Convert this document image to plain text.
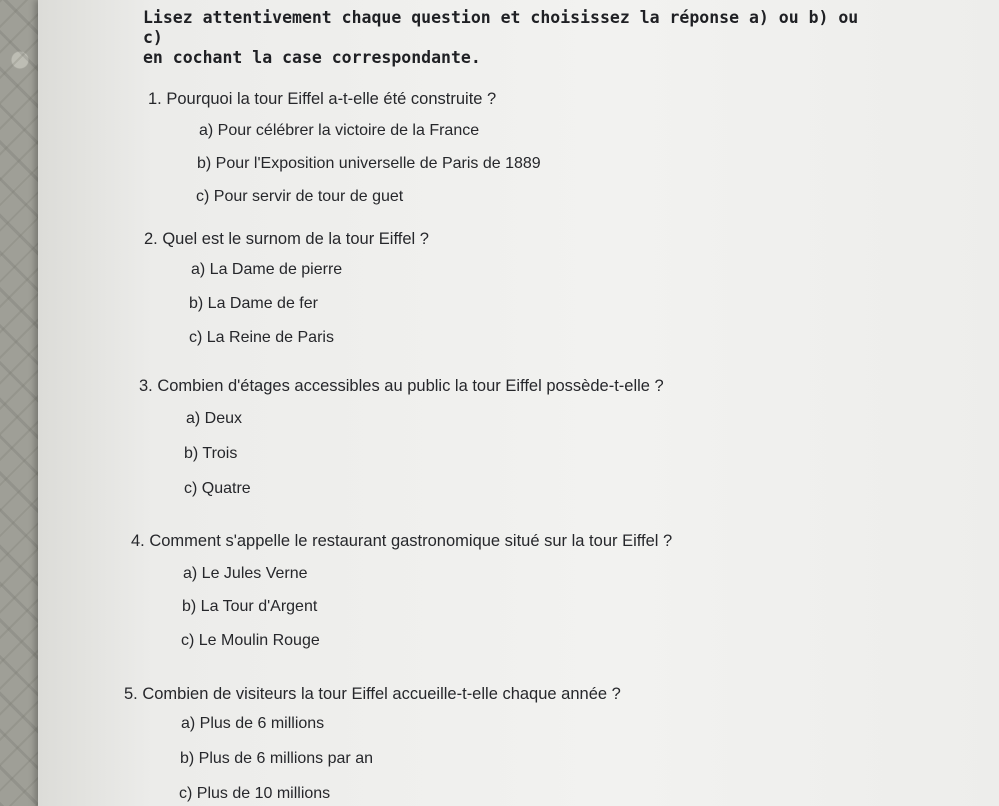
Lisez attentivement chaque question et choisissez la réponse a) ou b) ou c)
en cochant la case correspondante.
1. Pourquoi la tour Eiffel a-t-elle été construite ?
a) Pour célébrer la victoire de la France
b) Pour l'Exposition universelle de Paris de 1889
c) Pour servir de tour de guet
2. Quel est le surnom de la tour Eiffel ?
a) La Dame de pierre
b) La Dame de fer
c) La Reine de Paris
3. Combien d'étages accessibles au public la tour Eiffel possède-t-elle ?
a) Deux
b) Trois
c) Quatre
4. Comment s'appelle le restaurant gastronomique situé sur la tour Eiffel ?
a) Le Jules Verne
b) La Tour d'Argent
c) Le Moulin Rouge
5. Combien de visiteurs la tour Eiffel accueille-t-elle chaque année ?
a) Plus de 6 millions
b) Plus de 6 millions par an
c) Plus de 10 millions
